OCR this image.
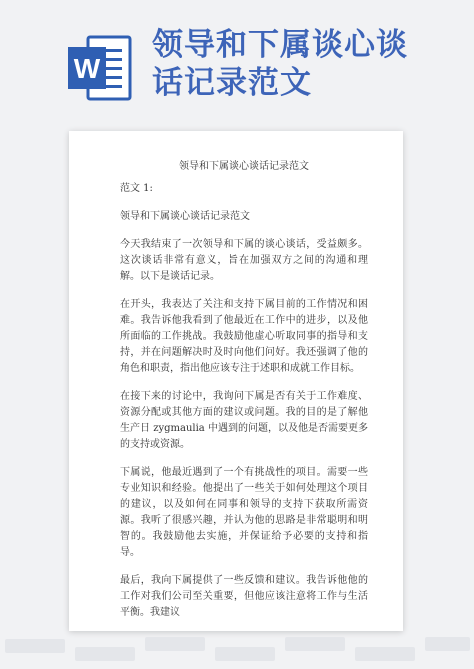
W
领导和下属谈心谈
话记录范文
领导和下属谈心谈话记录范文

范文 1:

领导和下属谈心谈话记录范文

今天我结束了一次领导和下属的谈心谈话，受益颇多。这次谈话非常有意义，旨在加强双方之间的沟通和理解。以下是谈话记录。

在开头，我表达了关注和支持下属目前的工作情况和困难。我告诉他我看到了他最近在工作中的进步，以及他所面临的工作挑战。我鼓励他虚心听取同事的指导和支持，并在问题解决时及时向他们问好。我还强调了他的角色和职责，指出他应该专注于述职和成就工作目标。

在接下来的讨论中，我询问下属是否有关于工作难度、资源分配或其他方面的建议或问题。我的目的是了解他生产日 zygmaulia 中遇到的问题，以及他是否需要更多的支持或资源。

下属说，他最近遇到了一个有挑战性的项目。需要一些专业知识和经验。他提出了一些关于如何处理这个项目的建议，以及如何在同事和领导的支持下获取所需资源。我听了很感兴趣，并认为他的思路是非常聪明和明智的。我鼓励他去实施，并保证给予必要的支持和指导。

最后，我向下属提供了一些反馈和建议。我告诉他他的工作对我们公司至关重要，但他应该注意将工作与生活平衡。我建议
